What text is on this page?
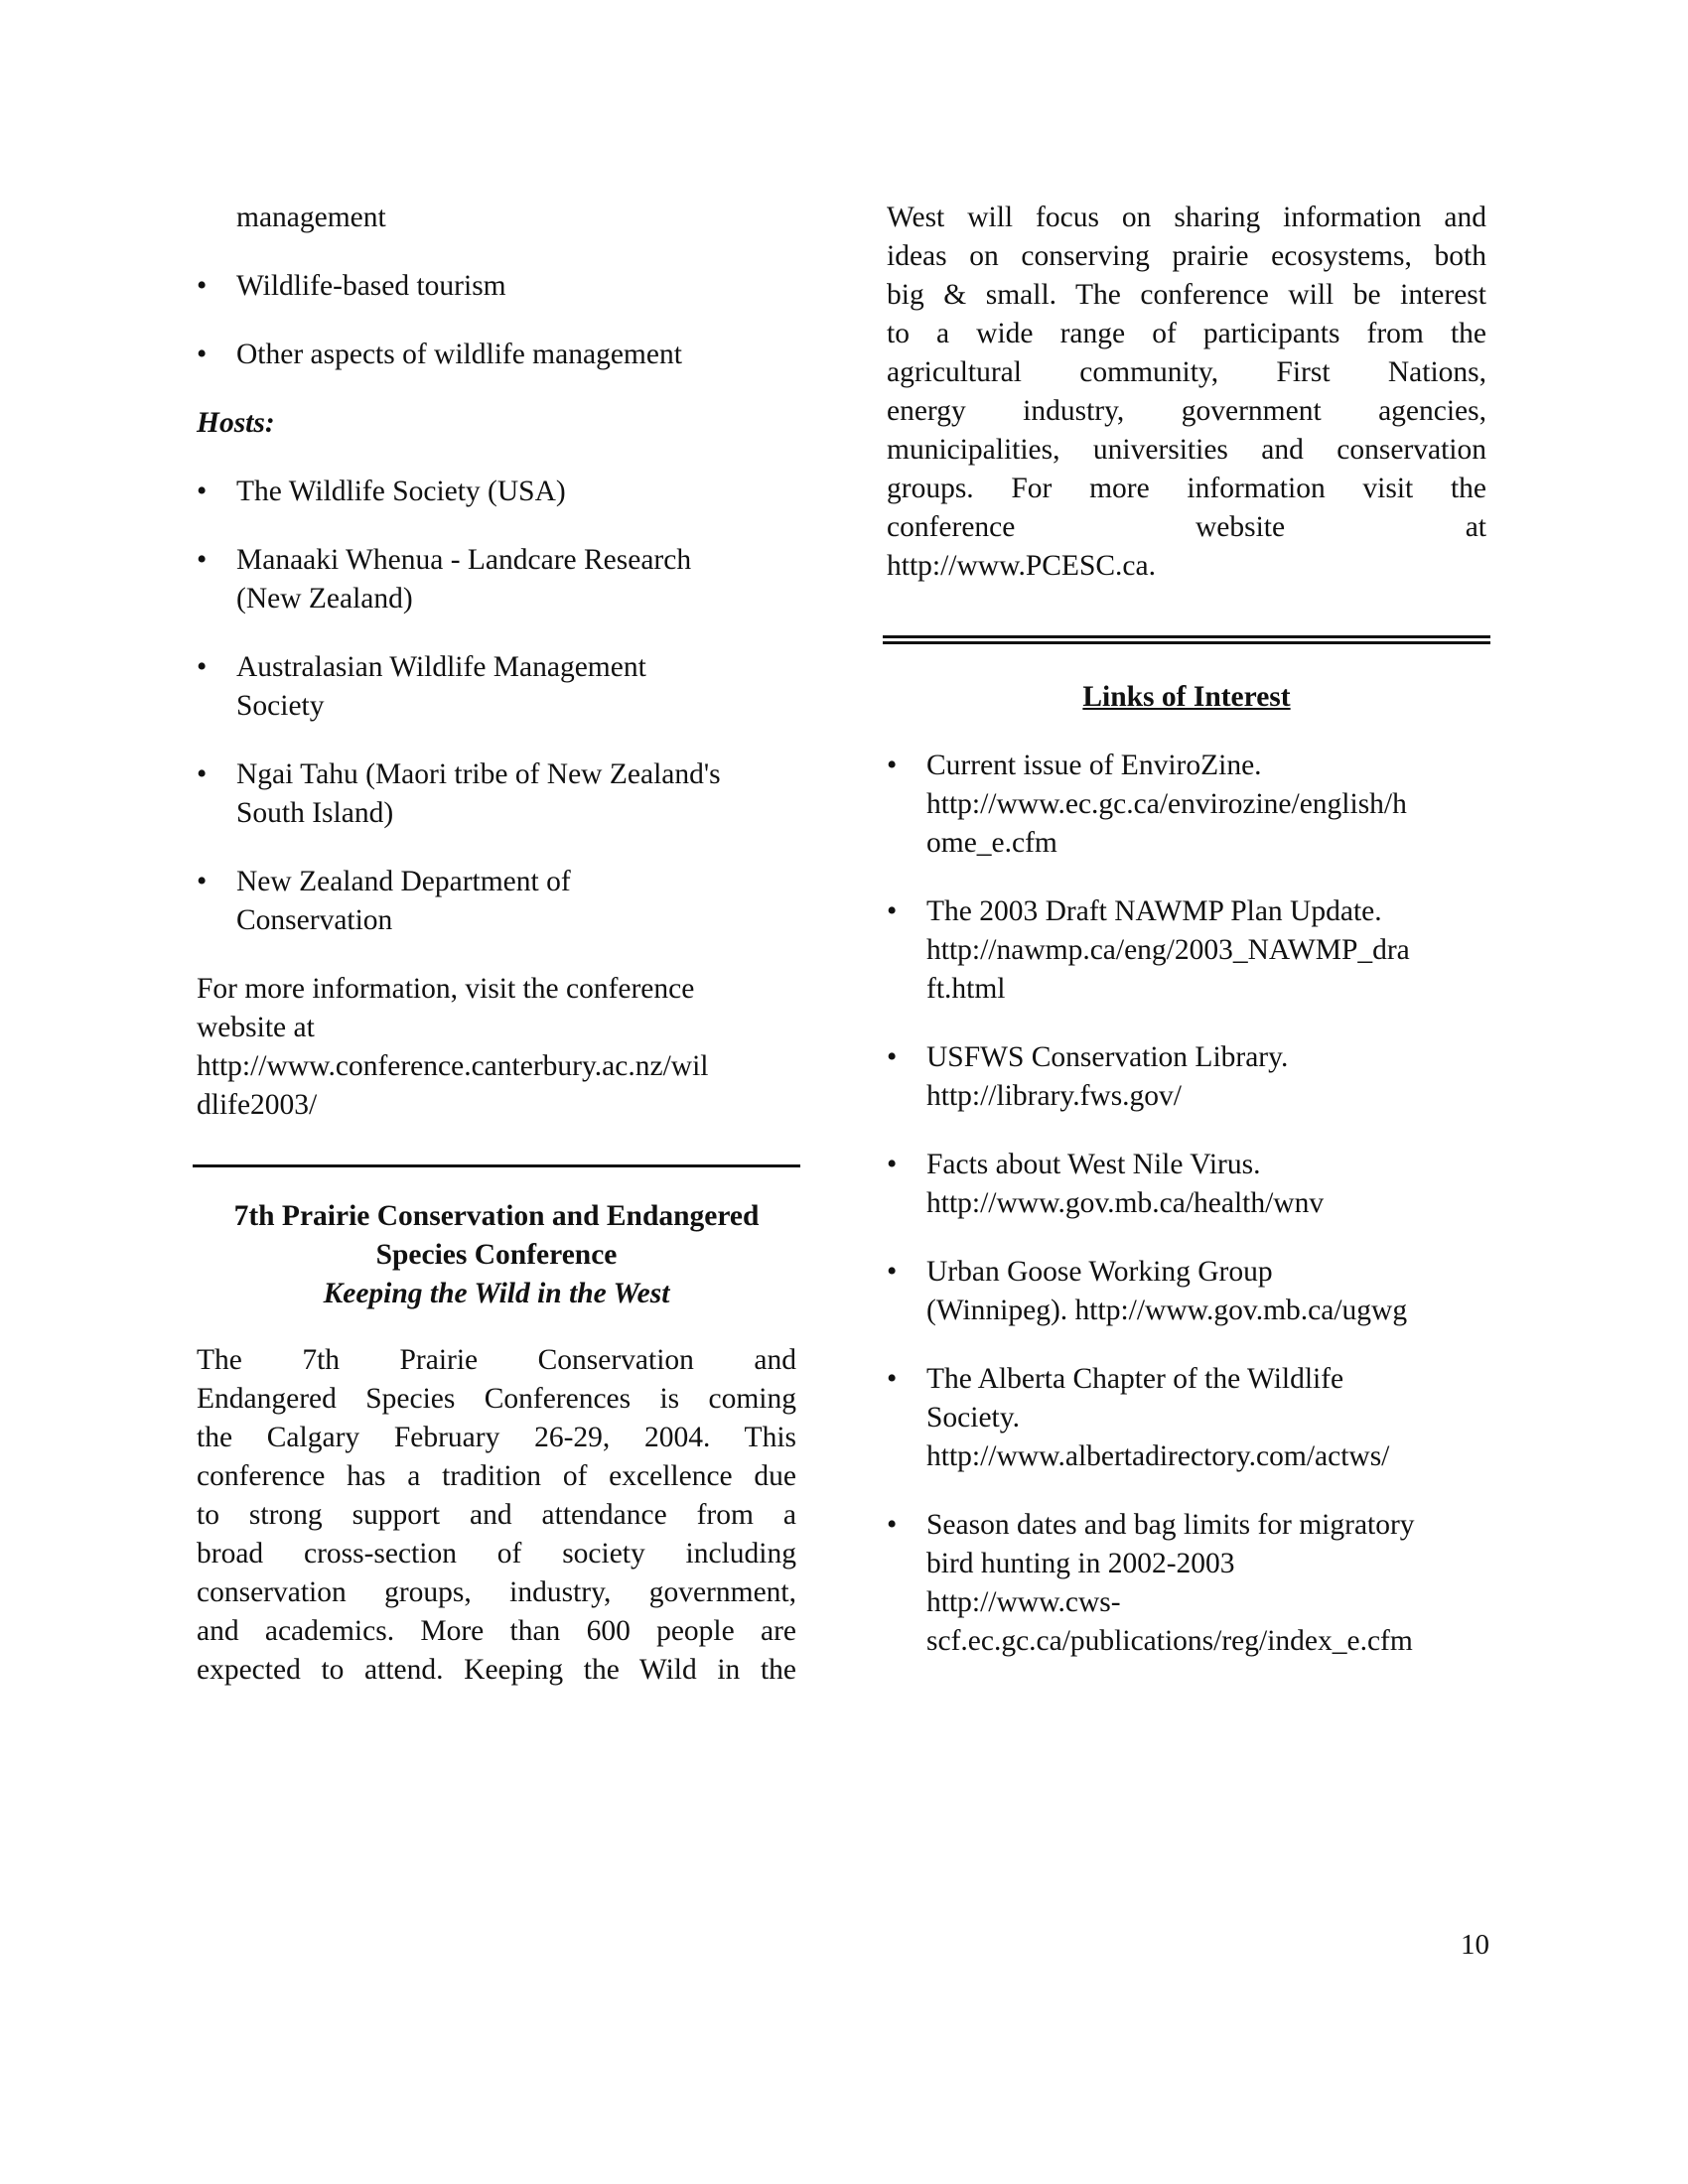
management

•	Wildlife-based tourism
•	Other aspects of wildlife management

Hosts:

•	The Wildlife Society (USA)
•	Manaaki Whenua - Landcare Research
(New Zealand)
•	Australasian Wildlife Management
Society
•	Ngai Tahu (Maori tribe of New Zealand's
South Island)
•	New Zealand Department of
Conservation

For more information, visit the conference
website at
http://www.conference.canterbury.ac.nz/wil
dlife2003/

7th Prairie Conservation and Endangered
Species Conference

Keeping the Wild in the West

The 7th Prairie Conservation and
Endangered Species Conferences is coming
the Calgary February 26-29, 2004. This
conference has a tradition of excellence due
to strong support and attendance from a
broad cross-section of society including
conservation groups, industry, government,
and academics. More than 600 people are
expected to attend. Keeping the Wild in the
West will focus on sharing information and
ideas on conserving prairie ecosystems, both
big & small. The conference will be interest
to a wide range of participants from the
agricultural community, First Nations,
energy industry, government agencies,
municipalities, universities and conservation
groups. For more information visit the
conference website at
http://www.PCESC.ca.

Links of Interest

•	Current issue of EnviroZine.
http://www.ec.gc.ca/envirozine/english/h
ome_e.cfm
•	The 2003 Draft NAWMP Plan Update.
http://nawmp.ca/eng/2003_NAWMP_dra
ft.html
•	USFWS Conservation Library.
http://library.fws.gov/
•	Facts about West Nile Virus.
http://www.gov.mb.ca/health/wnv
•	Urban Goose Working Group
(Winnipeg). http://www.gov.mb.ca/ugwg
•	The Alberta Chapter of the Wildlife
Society.
http://www.albertadirectory.com/actws/
•	Season dates and bag limits for migratory
bird hunting in 2002-2003
http://www.cws-
scf.ec.gc.ca/publications/reg/index_e.cfm
10
